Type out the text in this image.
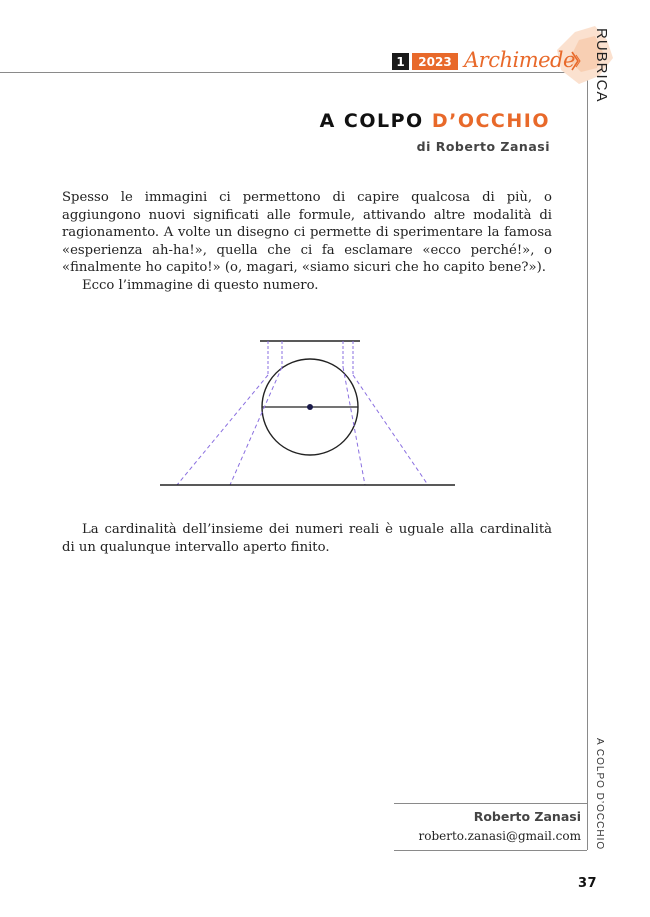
1	2023 Archimede RUBRICA
A COLPO D’OCCHIO
di Roberto Zanasi

Spesso le immagini ci permettono di capire qualcosa di più, o aggiungono nuovi significati alle formule, attivando altre modalità di ragionamento. A volte un disegno ci permette di sperimentare la famosa «esperienza ah-ha!», quella che ci fa esclamare «ecco perché!», o «finalmente ho capito!» (o, magari, «siamo sicuri che ho capito bene?»).

Ecco l’immagine di questo numero.

La cardinalità dell’insieme dei numeri reali è uguale alla cardinalità di un qualunque intervallo aperto finito.

A COLPO D’OCCHIO
Roberto Zanasi
roberto.zanasi@gmail.com
37
